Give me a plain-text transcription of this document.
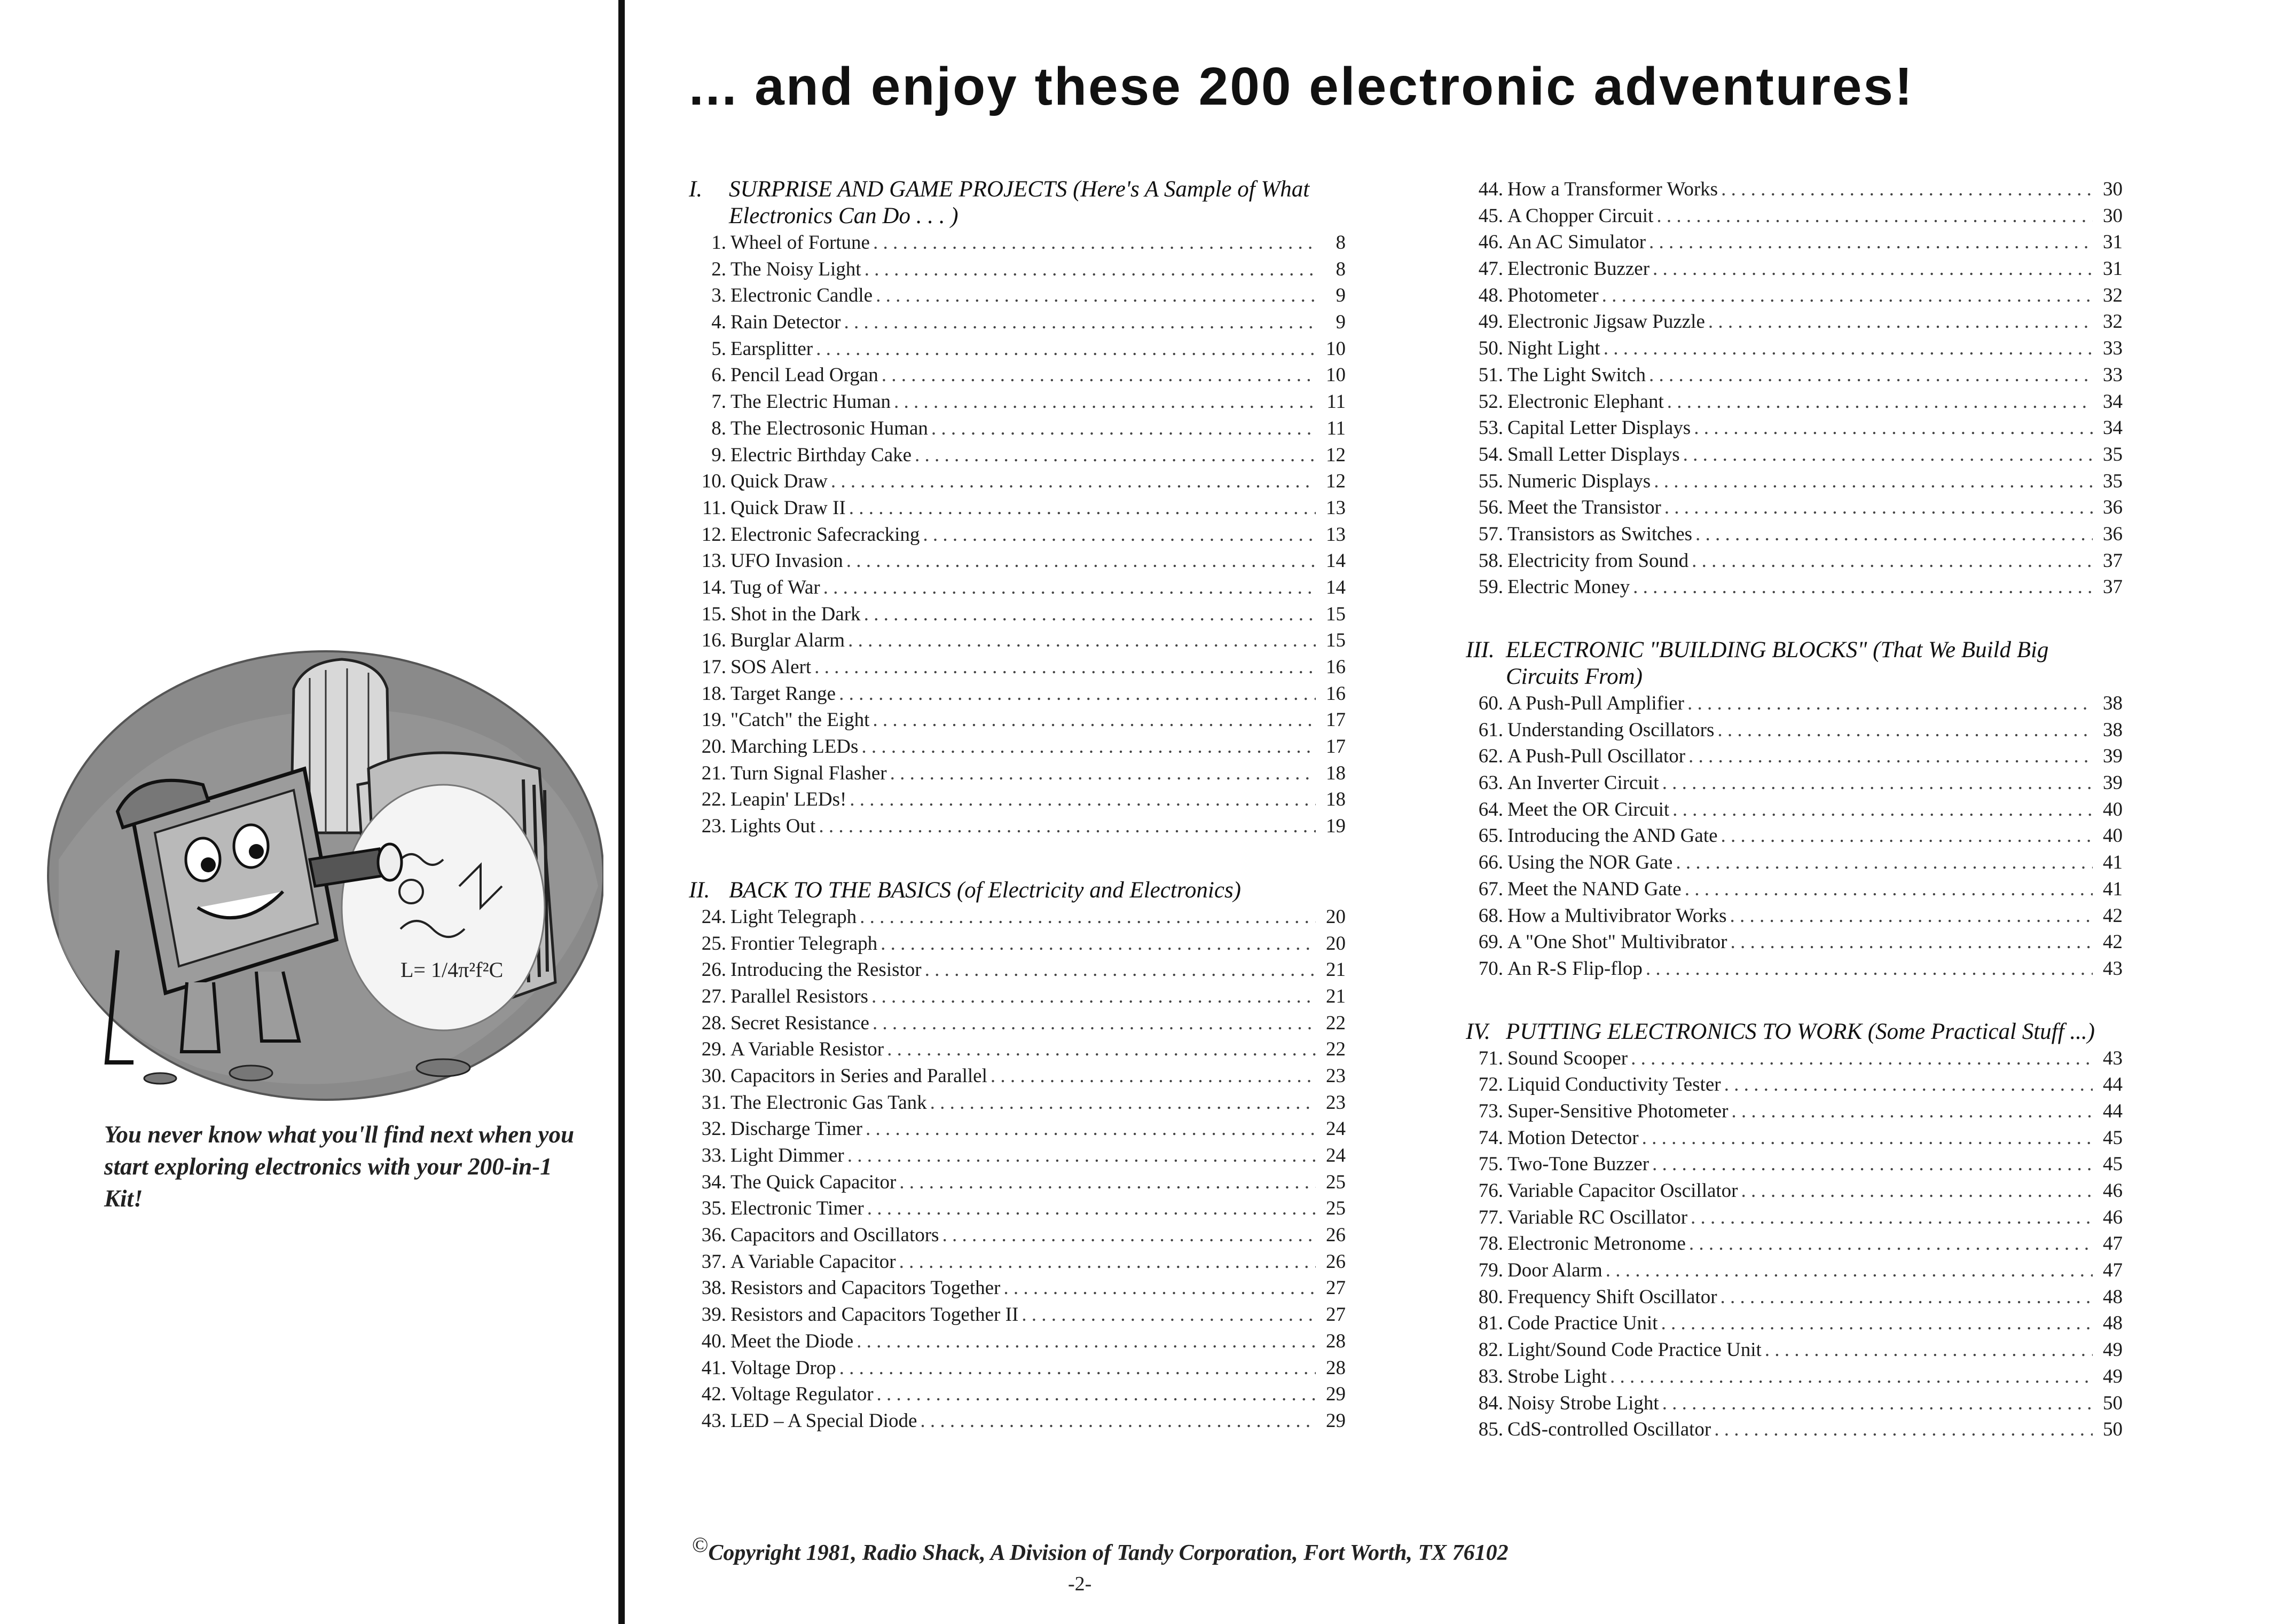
L= 1/4π²f²C
You never know what you'll find next when you start exploring electronics with your 200-in-1 Kit!
... and enjoy these 200 electronic adventures!
I.	SURPRISE AND GAME PROJECTS (Here's A Sample of What Electronics Can Do . . . )
1. Wheel of Fortune . . .	8
2. The Noisy Light . . .	8
3. Electronic Candle . . .	9
4. Rain Detector . . .	9
5. Earsplitter . . .	10
6. Pencil Lead Organ . . .	10
7. The Electric Human . . .	11
8. The Electrosonic Human . . .	11
9. Electric Birthday Cake . . .	12
10. Quick Draw . . .	12
11. Quick Draw II . . .	13
12. Electronic Safecracking . . .	13
13. UFO Invasion . . .	14
14. Tug of War . . .	14
15. Shot in the Dark . . .	15
16. Burglar Alarm . . .	15
17. SOS Alert . . .	16
18. Target Range . . .	16
19. "Catch" the Eight . . .	17
20. Marching LEDs . . .	17
21. Turn Signal Flasher . . .	18
22. Leapin' LEDs! . . .	18
23. Lights Out . . .	19
II. BACK TO THE BASICS (of Electricity and Electronics)
24. Light Telegraph . . .	20
25. Frontier Telegraph . . .	20
26. Introducing the Resistor . . .	21
27. Parallel Resistors . . .	21
28. Secret Resistance . . .	22
29. A Variable Resistor . . .	22
30. Capacitors in Series and Parallel . . .	23
31. The Electronic Gas Tank . . .	23
32. Discharge Timer . . .	24
33. Light Dimmer . . .	24
34. The Quick Capacitor . . .	25
35. Electronic Timer . . .	25
36. Capacitors and Oscillators . . .	26
37. A Variable Capacitor . . .	26
38. Resistors and Capacitors Together . . .	27
39. Resistors and Capacitors Together II . . .	27
40. Meet the Diode . . .	28
41. Voltage Drop . . .	28
42. Voltage Regulator . . .	29
43. LED – A Special Diode . . .	29
44. How a Transformer Works . . .	30
45. A Chopper Circuit . . .	30
46. An AC Simulator . . .	31
47. Electronic Buzzer . . .	31
48. Photometer . . .	32
49. Electronic Jigsaw Puzzle . . .	32
50. Night Light . . .	33
51. The Light Switch . . .	33
52. Electronic Elephant . . .	34
53. Capital Letter Displays . . .	34
54. Small Letter Displays . . .	35
55. Numeric Displays . . .	35
56. Meet the Transistor . . .	36
57. Transistors as Switches . . .	36
58. Electricity from Sound . . .	37
59. Electric Money . . .	37
III. ELECTRONIC "BUILDING BLOCKS" (That We Build Big Circuits From)
60. A Push-Pull Amplifier . . .	38
61. Understanding Oscillators . . .	38
62. A Push-Pull Oscillator . . .	39
63. An Inverter Circuit . . .	39
64. Meet the OR Circuit . . .	40
65. Introducing the AND Gate . . .	40
66. Using the NOR Gate . . .	41
67. Meet the NAND Gate . . .	41
68. How a Multivibrator Works . . .	42
69. A "One Shot" Multivibrator . . .	42
70. An R-S Flip-flop . . .	43
IV. PUTTING ELECTRONICS TO WORK (Some Practical Stuff ...)
71. Sound Scooper . . .	43
72. Liquid Conductivity Tester . . .	44
73. Super-Sensitive Photometer . . .	44
74. Motion Detector . . .	45
75. Two-Tone Buzzer . . .	45
76. Variable Capacitor Oscillator . . .	46
77. Variable RC Oscillator . . .	46
78. Electronic Metronome . . .	47
79. Door Alarm . . .	47
80. Frequency Shift Oscillator . . .	48
81. Code Practice Unit . . .	48
82. Light/Sound Code Practice Unit . . .	49
83. Strobe Light . . .	49
84. Noisy Strobe Light . . .	50
85. CdS-controlled Oscillator . . .	50
©Copyright 1981, Radio Shack, A Division of Tandy Corporation, Fort Worth, TX 76102
-2-
